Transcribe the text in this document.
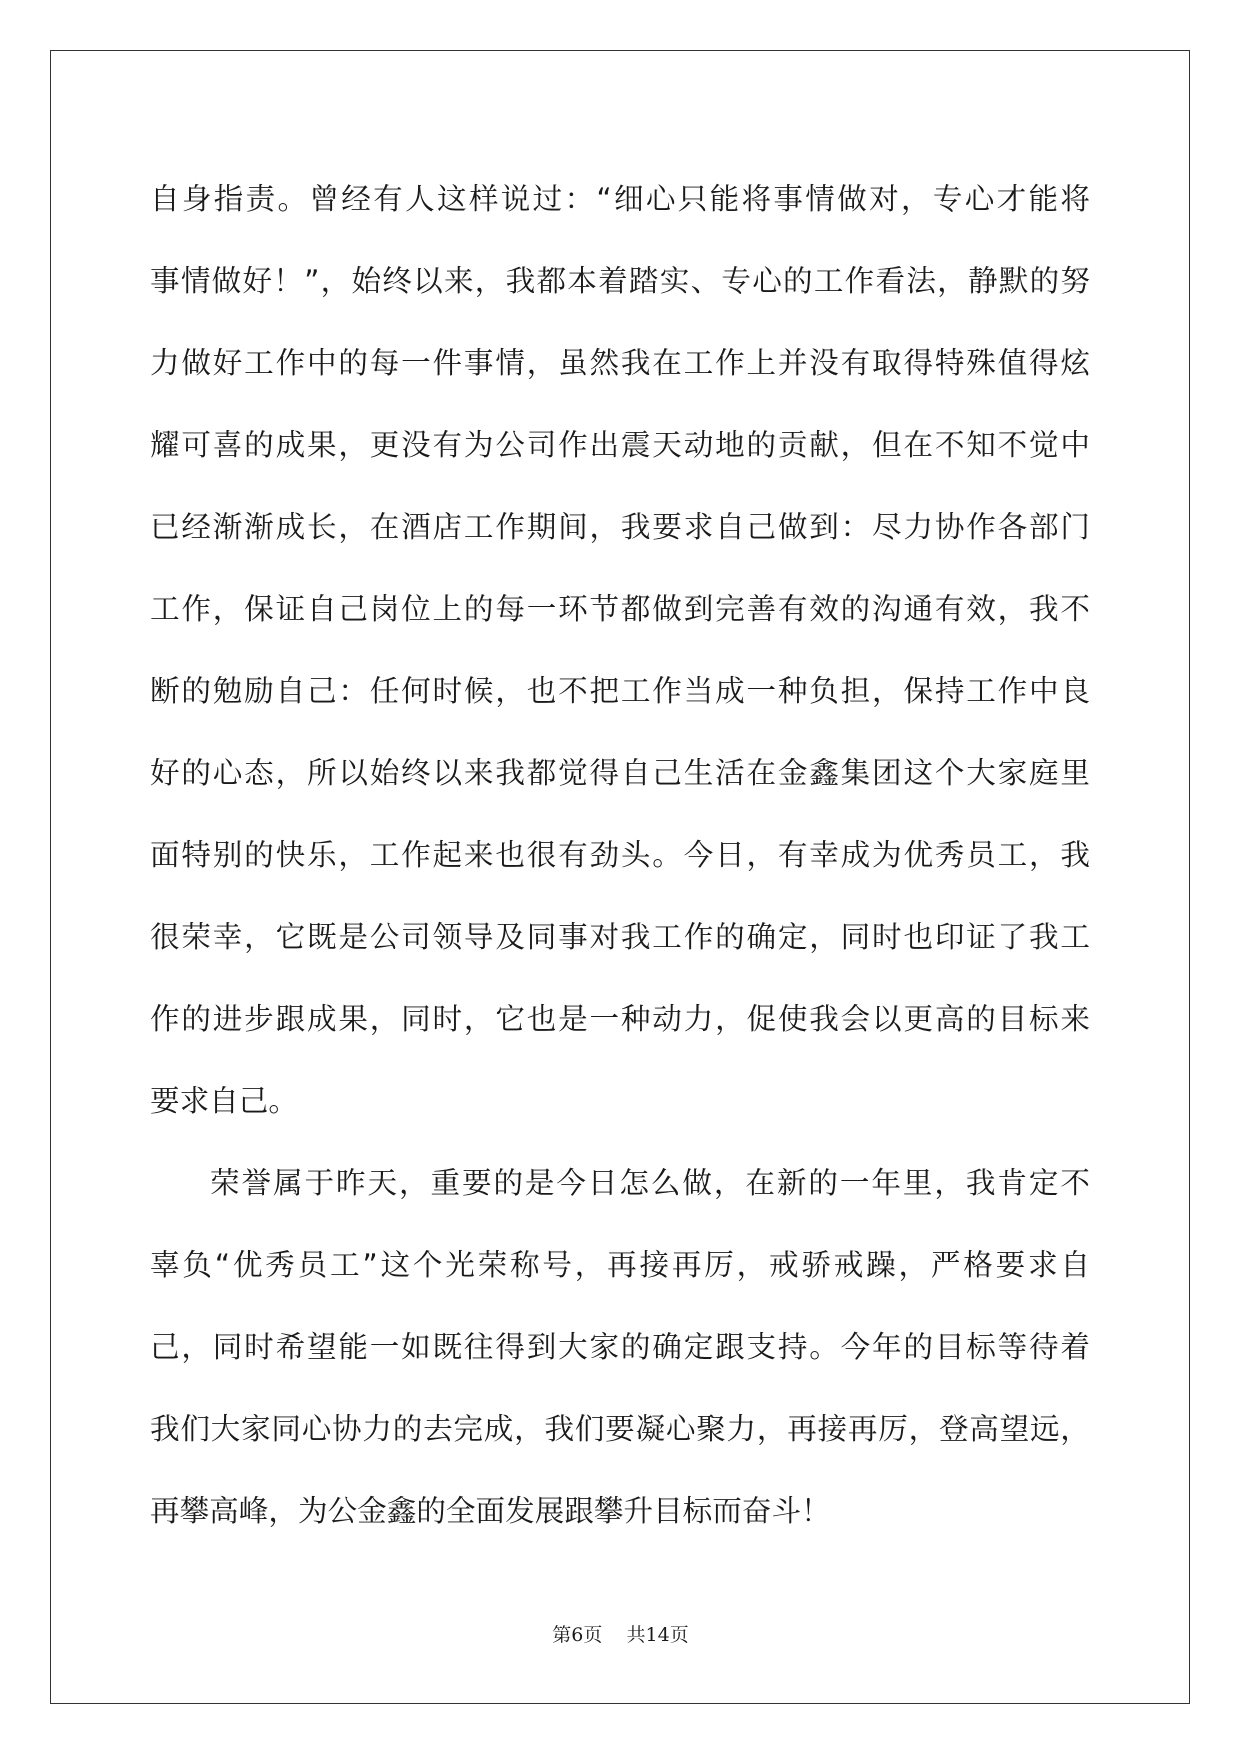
自身指责。曾经有人这样说过：“细心只能将事情做对，专心才能将
事情做好！”，始终以来，我都本着踏实、专心的工作看法，静默的努
力做好工作中的每一件事情，虽然我在工作上并没有取得特殊值得炫
耀可喜的成果，更没有为公司作出震天动地的贡献，但在不知不觉中
已经渐渐成长，在酒店工作期间，我要求自己做到：尽力协作各部门
工作，保证自己岗位上的每一环节都做到完善有效的沟通有效，我不
断的勉励自己：任何时候，也不把工作当成一种负担，保持工作中良
好的心态，所以始终以来我都觉得自己生活在金鑫集团这个大家庭里
面特别的快乐，工作起来也很有劲头。今日，有幸成为优秀员工，我
很荣幸，它既是公司领导及同事对我工作的确定，同时也印证了我工
作的进步跟成果，同时，它也是一种动力，促使我会以更高的目标来
要求自己。
荣誉属于昨天，重要的是今日怎么做，在新的一年里，我肯定不
辜负“优秀员工”这个光荣称号，再接再厉，戒骄戒躁，严格要求自
己，同时希望能一如既往得到大家的确定跟支持。今年的目标等待着
我们大家同心协力的去完成，我们要凝心聚力，再接再厉，登高望远，
再攀高峰，为公金鑫的全面发展跟攀升目标而奋斗！
第6页 共14页
